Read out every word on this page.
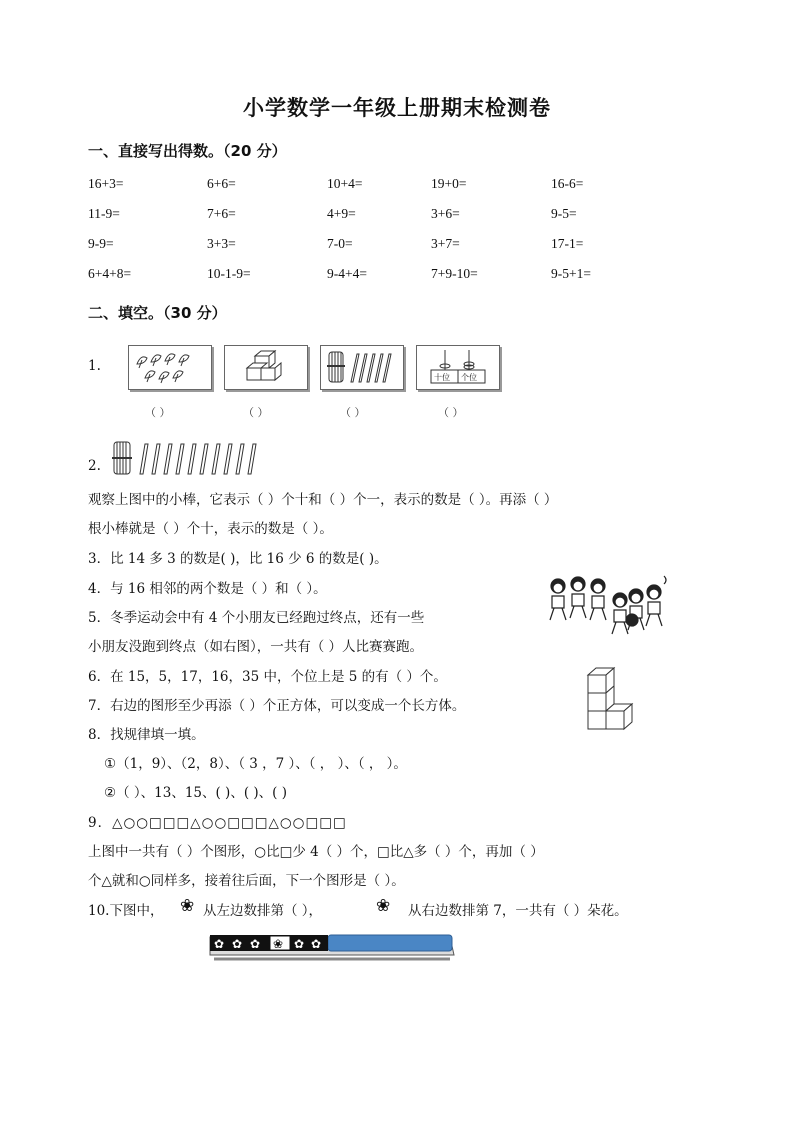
小学数学一年级上册期末检测卷
一、直接写出得数。（20 分）
16+3=	6+6=	10+4=	19+0=	16-6=
11-9=	7+6=	4+9=	3+6=	9-5=
9-9=	3+3=	7-0=	3+7=	17-1=
6+4+8=	10-1-9=	9-4+4=	7+9-10=	9-5+1=
二、填空。（30 分）
1.
十位 个位
（ ）	（ ）	（ ）	（ ）
2.
观察上图中的小棒，它表示（ ）个十和（ ）个一，表示的数是（ ）。再添（ ）
根小棒就是（ ）个十，表示的数是（ ）。
3．比 14 多 3 的数是( )，比 16 少 6 的数是( )。
4．与 16 相邻的两个数是（ ）和（ ）。
5．冬季运动会中有 4 个小朋友已经跑过终点，还有一些
小朋友没跑到终点（如右图），一共有（ ）人比赛赛跑。
6．在 15，5，17，16，35 中，个位上是 5 的有（ ）个。
7．右边的图形至少再添（ ）个正方体，可以变成一个长方体。
8．找规律填一填。
①（1，9）、（2，8）、（ 3 ，7 ）、（ ， ）、（ ， ）。
②（ ）、13、15、( )、( )、( )
9．△○○□□□△○○□□□△○○□□□
上图中一共有（ ）个图形，○比□少 4（ ）个，□比△多（ ）个，再加（ ）
个△就和○同样多，接着往后面，下一个图形是（ ）。
10.下图中， ❀ 从左边数排第（ ），	❀ 从右边数排第 7，一共有（ ）朵花。
✿ ✿ ✿ ❀ ✿ ✿
